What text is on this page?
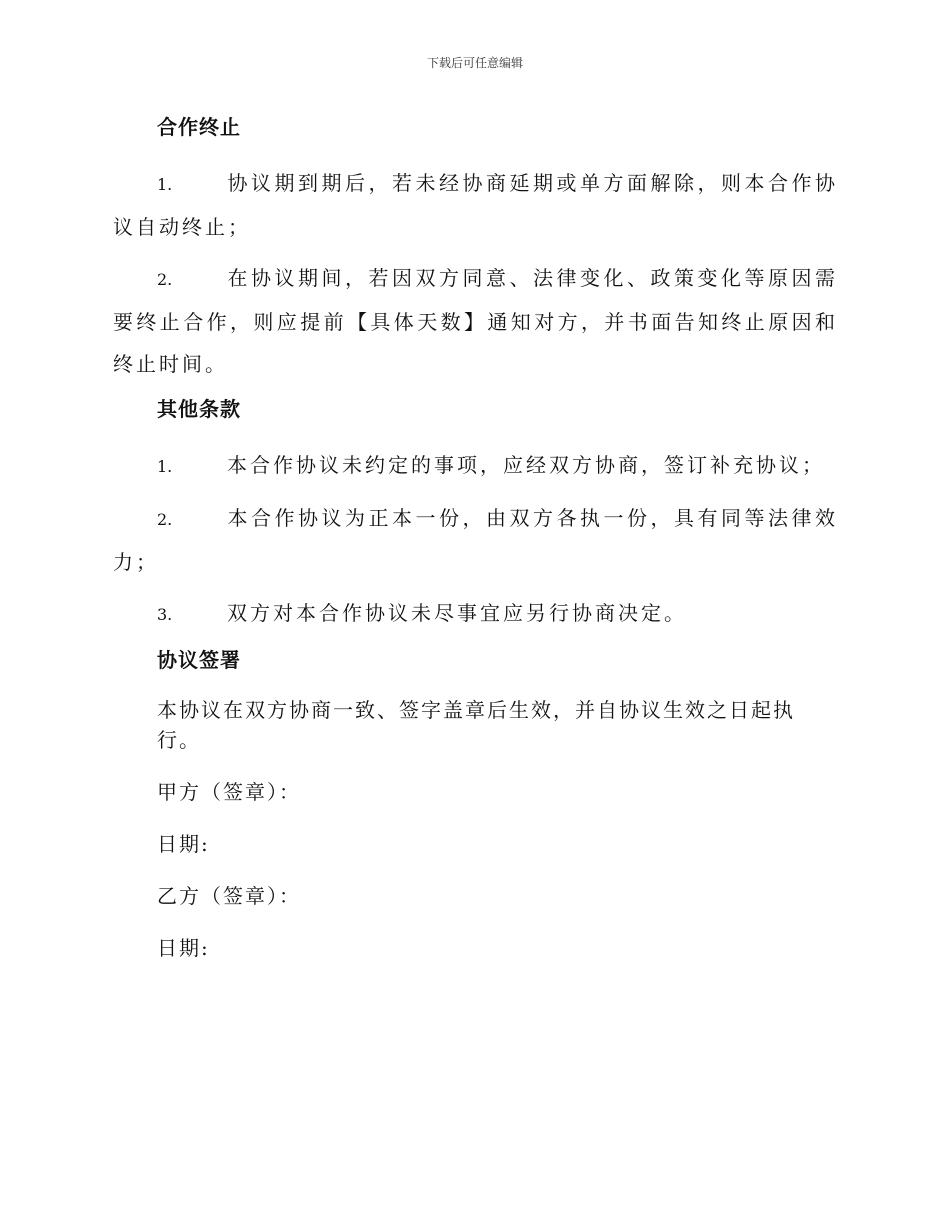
下载后可任意编辑
合作终止
1.	协议期到期后，若未经协商延期或单方面解除，则本合作协议自动终止；
2.	在协议期间，若因双方同意、法律变化、政策变化等原因需要终止合作，则应提前【具体天数】通知对方，并书面告知终止原因和终止时间。
其他条款
1.	本合作协议未约定的事项，应经双方协商，签订补充协议；
2.	本合作协议为正本一份，由双方各执一份，具有同等法律效力；
3.	双方对本合作协议未尽事宜应另行协商决定。
协议签署
本协议在双方协商一致、签字盖章后生效，并自协议生效之日起执行。
甲方（签章）：
日期:
乙方（签章）：
日期:
